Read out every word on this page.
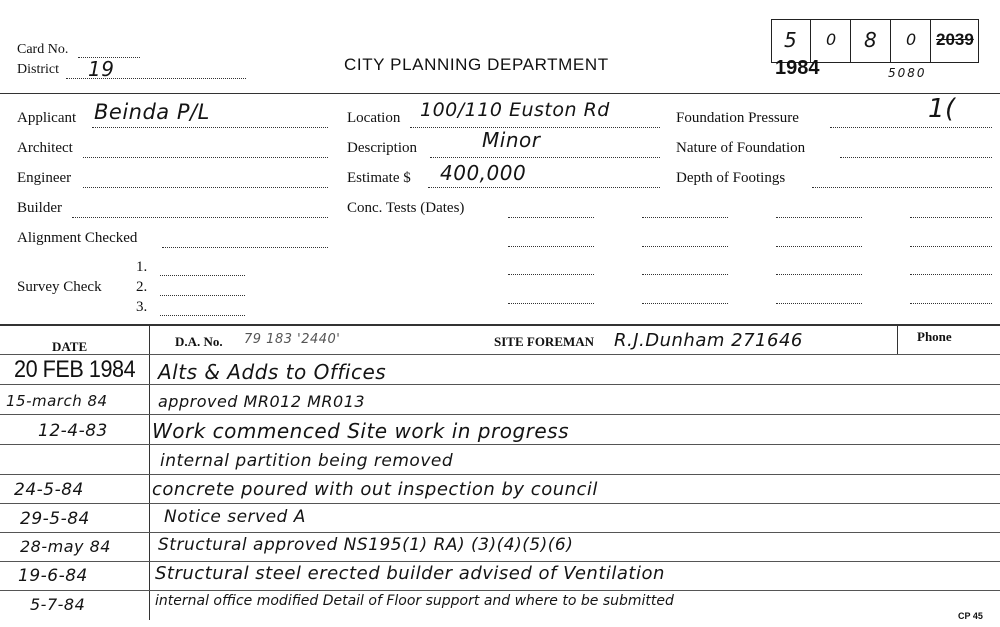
Card No.
District 19	CITY PLANNING DEPARTMENT
5 0 8 0 2039
1984	5080
Applicant Beinda P/L
Architect
Engineer
Builder
Alignment Checked
1.
Survey Check 2.
3.
Location 100/110 Euston Rd
Description	Minor
Estimate $ 400,000
Conc. Tests (Dates)
Foundation Pressure	1(
Nature of Foundation
Depth of Footings
DATE	D.A. No. 79 183 '2440'	SITE FOREMAN R.J.Dunham 271646	Phone
20 FEB 1984 Alts & Adds to Offices
15-march 84	approved MR012 MR013
12-4-83 Work commenced Site work in progress
internal partition being removed
24-5-84	concrete poured with out inspection by council
29-5-84	Notice served A
28-may 84	Structural approved NS195(1) RA) (3)(4)(5)(6)
19-6-84	Structural steel erected builder advised of Ventilation
5-7-84	internal office modified Detail of Floor support and where to be submitted
CP 45
